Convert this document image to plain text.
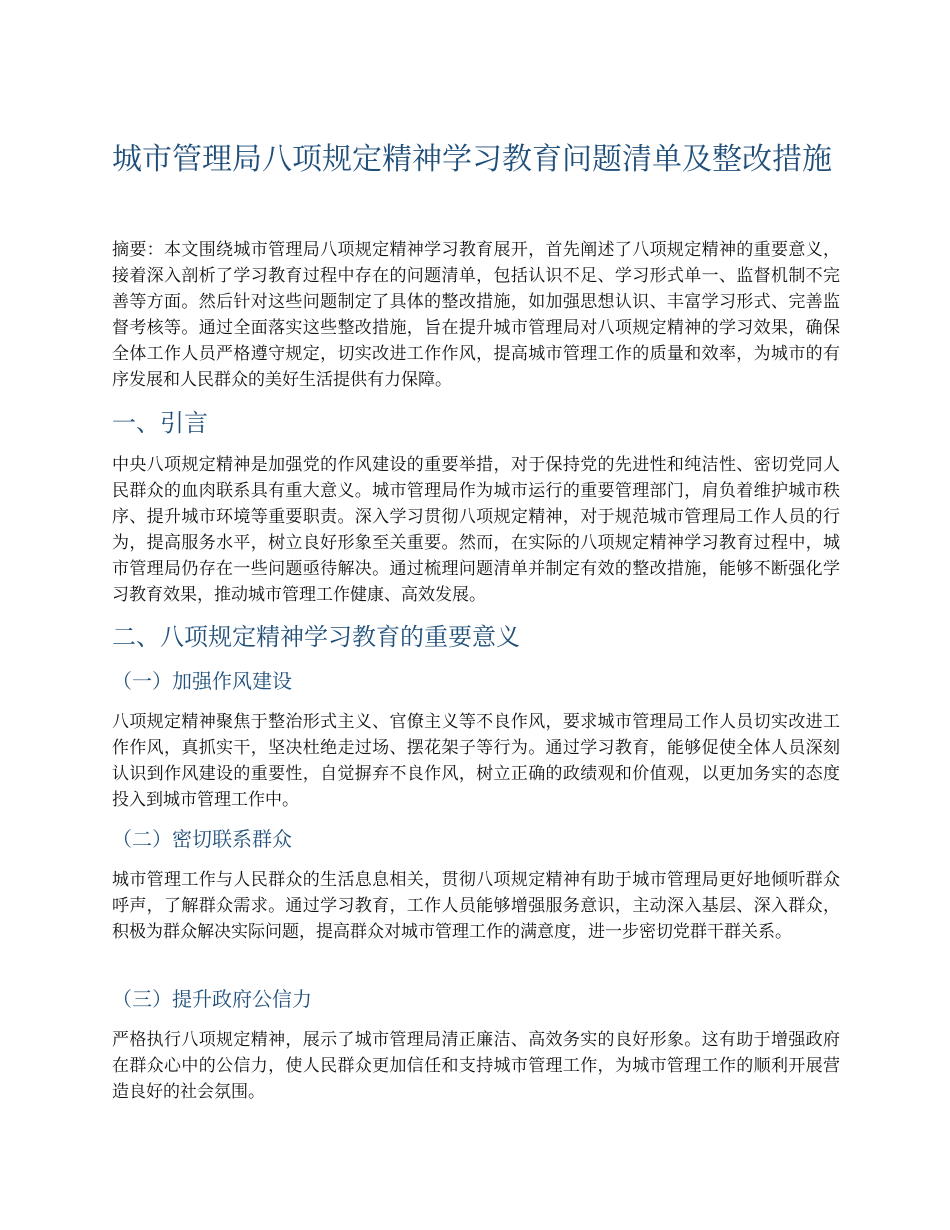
城市管理局八项规定精神学习教育问题清单及整改措施

摘要：本文围绕城市管理局八项规定精神学习教育展开，首先阐述了八项规定精神的重要意义，接着深入剖析了学习教育过程中存在的问题清单，包括认识不足、学习形式单一、监督机制不完善等方面。然后针对这些问题制定了具体的整改措施，如加强思想认识、丰富学习形式、完善监督考核等。通过全面落实这些整改措施，旨在提升城市管理局对八项规定精神的学习效果，确保全体工作人员严格遵守规定，切实改进工作作风，提高城市管理工作的质量和效率，为城市的有序发展和人民群众的美好生活提供有力保障。

一、引言

中央八项规定精神是加强党的作风建设的重要举措，对于保持党的先进性和纯洁性、密切党同人民群众的血肉联系具有重大意义。城市管理局作为城市运行的重要管理部门，肩负着维护城市秩序、提升城市环境等重要职责。深入学习贯彻八项规定精神，对于规范城市管理局工作人员的行为，提高服务水平，树立良好形象至关重要。然而，在实际的八项规定精神学习教育过程中，城市管理局仍存在一些问题亟待解决。通过梳理问题清单并制定有效的整改措施，能够不断强化学习教育效果，推动城市管理工作健康、高效发展。

二、八项规定精神学习教育的重要意义
（一）加强作风建设

八项规定精神聚焦于整治形式主义、官僚主义等不良作风，要求城市管理局工作人员切实改进工作作风，真抓实干，坚决杜绝走过场、摆花架子等行为。通过学习教育，能够促使全体人员深刻认识到作风建设的重要性，自觉摒弃不良作风，树立正确的政绩观和价值观，以更加务实的态度投入到城市管理工作中。

（二）密切联系群众

城市管理工作与人民群众的生活息息相关，贯彻八项规定精神有助于城市管理局更好地倾听群众呼声，了解群众需求。通过学习教育，工作人员能够增强服务意识，主动深入基层、深入群众，积极为群众解决实际问题，提高群众对城市管理工作的满意度，进一步密切党群干群关系。

（三）提升政府公信力

严格执行八项规定精神，展示了城市管理局清正廉洁、高效务实的良好形象。这有助于增强政府在群众心中的公信力，使人民群众更加信任和支持城市管理工作，为城市管理工作的顺利开展营造良好的社会氛围。
